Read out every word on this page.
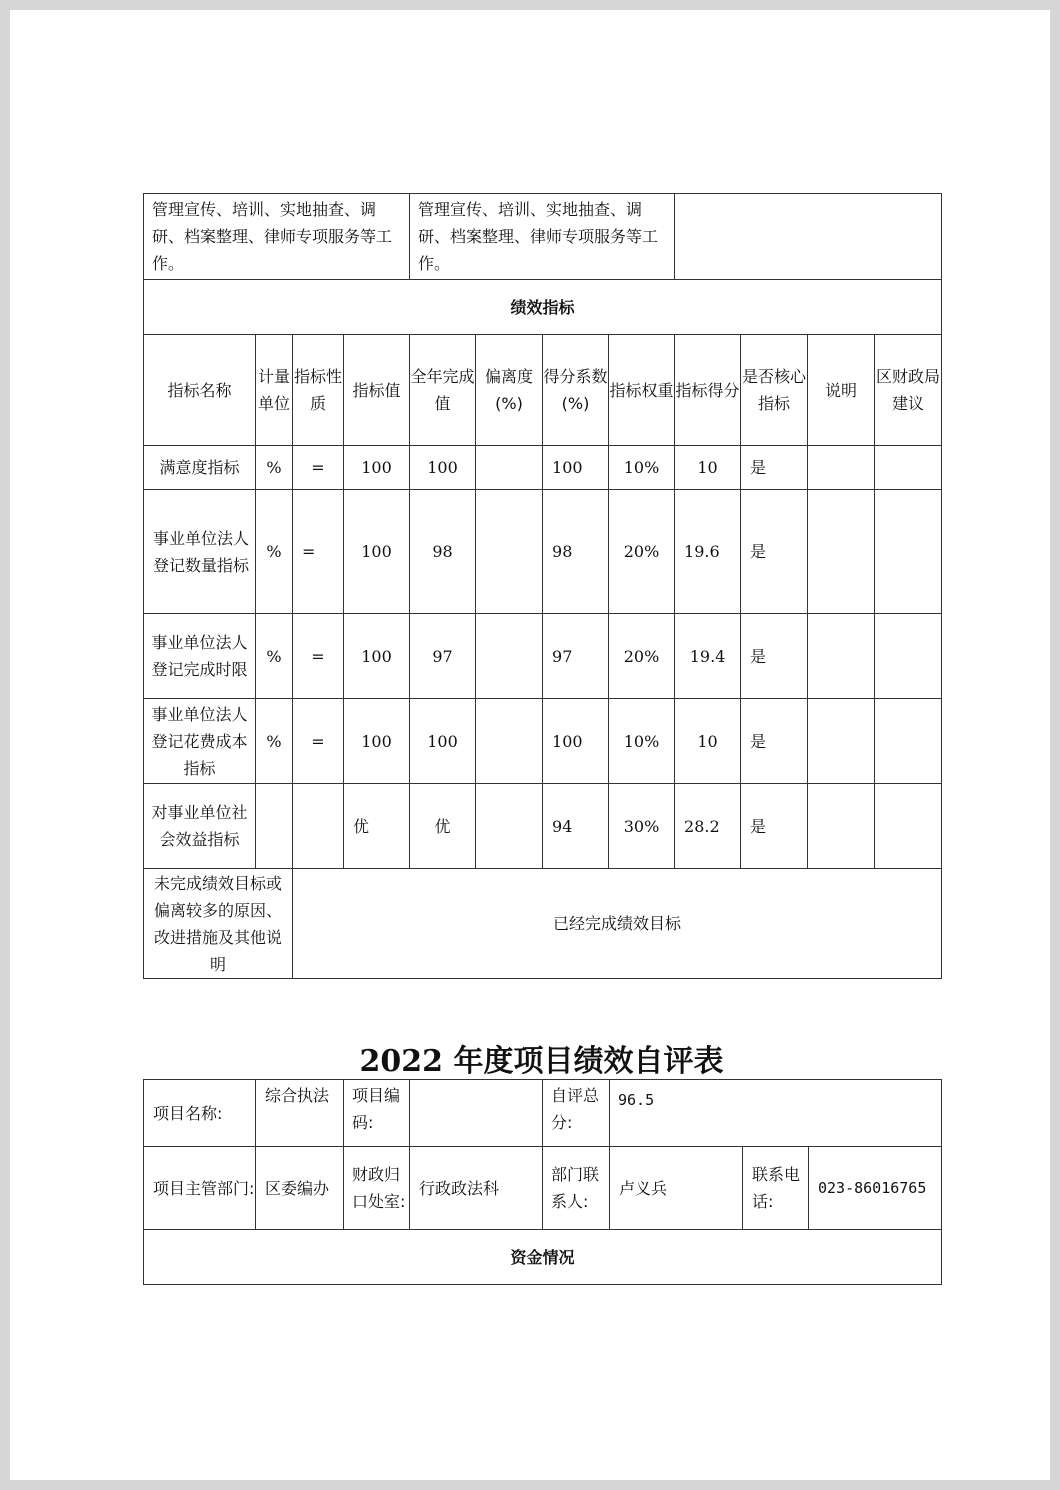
管理宣传、培训、实地抽查、调研、档案整理、律师专项服务等工作。				管理宣传、培训、实地抽查、调研、档案整理、律师专项服务等工作。							
绩效指标											
指标名称	计量单位	指标性质	指标值	全年完成值	偏离度(%)	得分系数(%)	指标权重	指标得分	是否核心指标	说明	区财政局建议
满意度指标	%	=	100	100		100	10%	10	是		
事业单位法人登记数量指标	%	=	100	98		98	20%	19.6	是		
事业单位法人登记完成时限	%	=	100	97		97	20%	19.4	是		
事业单位法人登记花费成本指标	%	=	100	100		100	10%	10	是		
对事业单位社会效益指标			优	优		94	30%	28.2	是		
未完成绩效目标或偏离较多的原因、改进措施及其他说明		已经完成绩效目标									
2022 年度项目绩效自评表
项目名称:	综合执法	项目编码:		自评总分:	96.5		
项目主管部门:	区委编办	财政归口处室:	行政政法科	部门联系人:	卢义兵	联系电话:	023-86016765
资金情况							
